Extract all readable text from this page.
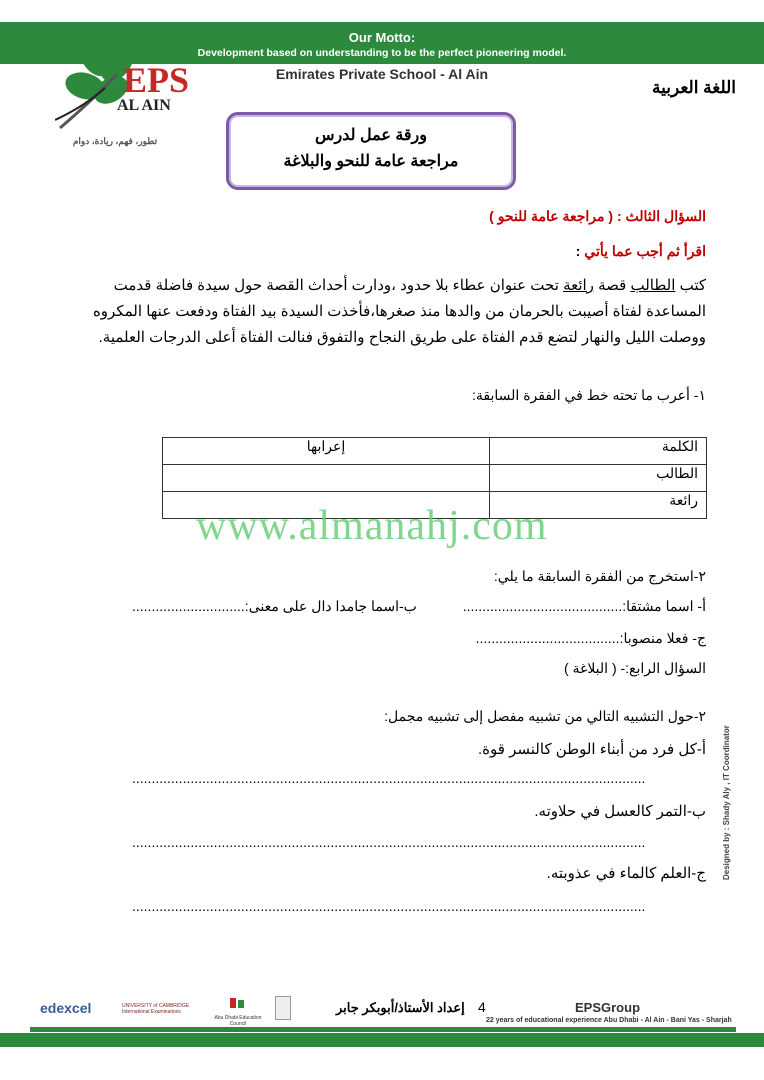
Our Motto:
Development based on understanding to be the perfect pioneering model.
Emirates Private School - Al Ain
اللغة العربية
EPS
AL AIN
تطور، فهم، ريادة، دوام	ورقة عمل لدرس
مراجعة عامة للنحو والبلاغة
السؤال الثالث : ( مراجعة عامة للنحو )
اقرأ ثم أجب عما يأتي :
كتب الطالب قصة رائعة تحت عنوان عطاء بلا حدود ،ودارت أحداث القصة حول سيدة فاضلة قدمت
المساعدة لفتاة أصيبت بالحرمان من والدها منذ صغرها،فأخذت السيدة بيد الفتاة ودفعت عنها المكروه
ووصلت الليل والنهار لتضع قدم الفتاة على طريق النجاح والتفوق فنالت الفتاة أعلى الدرجات العلمية.
١- أعرب ما تحته خط في الفقرة السابقة:
الكلمة	إعرابها
الطالب	
رائعة	
www.almanahj.com
٢-استخرج من الفقرة السابقة ما يلي:
أ- اسما مشتقا:.........................................
ب-اسما جامدا دال على معنى:.............................
ج- فعلا منصوبا:.....................................
السؤال الرابع:- ( البلاغة )
٢-حول التشبيه التالي من تشبيه مفصل إلى تشبيه مجمل:
أ-كل فرد من أبناء الوطن كالنسر قوة.
....................................................................................................................................
ب-التمر كالعسل في حلاوته.
....................................................................................................................................
ج-العلم كالماء في عذوبته.
....................................................................................................................................
Designed by : Shady Aly , IT Coordinator
edexcel	UNIVERSITY of CAMBRIDGE International Examinations
Abu Dhabi Education Council
إعداد الأستاذ/أبوبكر جابر 4	EPSGroup
22 years of educational experience Abu Dhabi - Al Ain - Bani Yas - Sharjah
